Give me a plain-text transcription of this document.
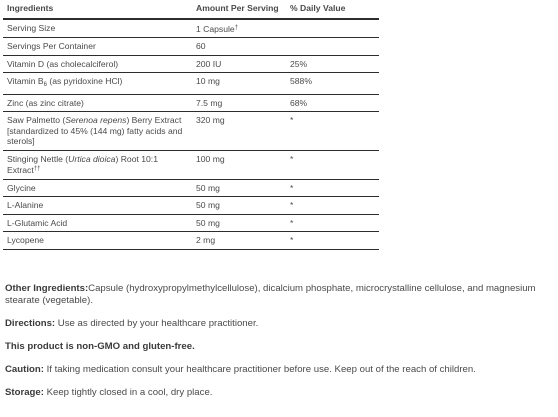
Ingredients	Amount Per Serving	% Daily Value
Serving Size	1 Capsule†	
Servings Per Container	60	
Vitamin D (as cholecalciferol)	200 IU	25%
Vitamin $B_6$ (as pyridoxine HCl)	10 mg	588%
Zinc (as zinc citrate)	7.5 mg	68%
Saw Palmetto (Serenoa repens) Berry Extract [standardized to 45% (144 mg) fatty acids and sterols]	320 mg	*
Stinging Nettle (Urtica dioica) Root 10:1 Extract††	100 mg	*
Glycine	50 mg	*
L-Alanine	50 mg	*
L-Glutamic Acid	50 mg	*
Lycopene	2 mg	*

Other Ingredients:Capsule (hydroxypropylmethylcellulose), dicalcium phosphate, microcrystalline cellulose, and magnesium stearate (vegetable).

Directions: Use as directed by your healthcare practitioner.

This product is non-GMO and gluten-free.

Caution: If taking medication consult your healthcare practitioner before use. Keep out of the reach of children.

Storage: Keep tightly closed in a cool, dry place.
